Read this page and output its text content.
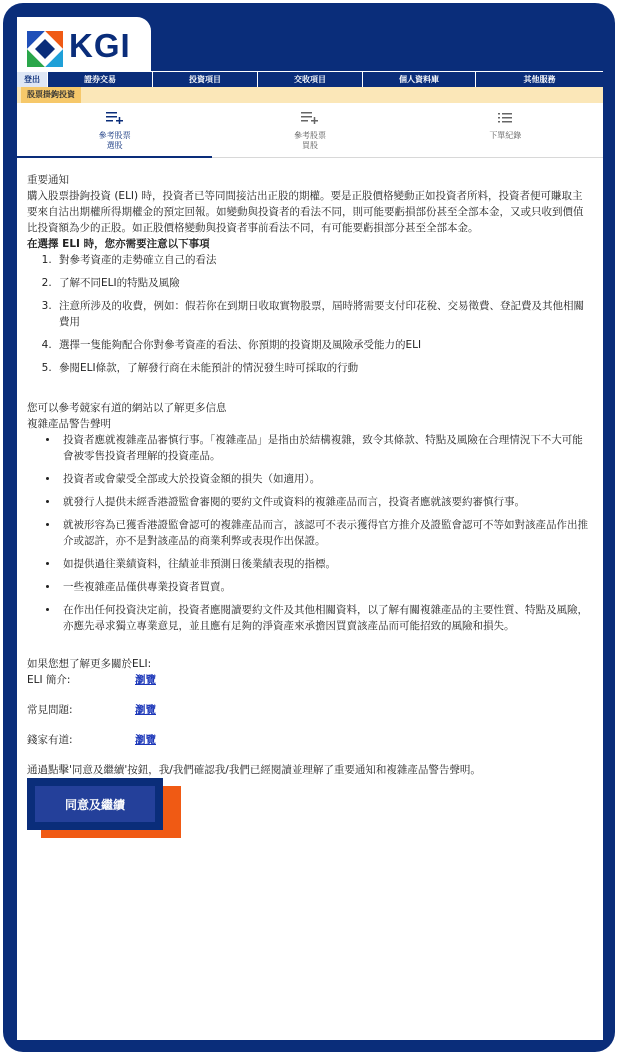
KGI
登出	證券交易	投資項目	交收項目	個人資料庫	其他服務
股票掛鉤投資
參考股票
選股
參考股票
買股
下單紀錄

重要通知

購入股票掛鉤投資 (ELI) 時，投資者已等同間接沽出正股的期權。要是正股價格變動正如投資者所料，投資者便可賺取主要來自沽出期權所得期權金的預定回報。如變動與投資者的看法不同，則可能要虧損部份甚至全部本金，又或只收到價值比投資額為少的正股。如正股價格變動與投資者事前看法不同，有可能要虧損部分甚至全部本金。

在選擇 ELI 時，您亦需要注意以下事項

1. 對參考資產的走勢確立自己的看法
2. 了解不同ELI的特點及風險
3. 注意所涉及的收費，例如：假若你在到期日收取實物股票，屆時將需要支付印花稅、交易徵費、登記費及其他相關費用
4. 選擇一隻能夠配合你對參考資產的看法、你預期的投資期及風險承受能力的ELI
5. 參閱ELI條款，了解發行商在未能預計的情況發生時可採取的行動

您可以參考競家有道的網站以了解更多信息

複雜產品警告聲明

• 投資者應就複雜產品審慎行事。「複雜產品」是指由於結構複雜，致令其條款、特點及風險在合理情況下不大可能會被零售投資者理解的投資產品。
• 投資者或會蒙受全部或大於投資金額的損失（如適用）。
• 就發行人提供未經香港證監會審閱的要約文件或資料的複雜產品而言，投資者應就該要約審慎行事。
• 就被形容為已獲香港證監會認可的複雜產品而言，該認可不表示獲得官方推介及證監會認可不等如對該產品作出推介或認許，亦不是對該產品的商業利弊或表現作出保證。
• 如提供過往業績資料，往績並非預測日後業績表現的指標。
• 一些複雜產品僅供專業投資者買賣。
• 在作出任何投資決定前，投資者應閱讀要約文件及其他相關資料，以了解有關複雜產品的主要性質、特點及風險，亦應先尋求獨立專業意見，並且應有足夠的淨資產來承擔因買賣該產品而可能招致的風險和損失。

如果您想了解更多關於ELI:

ELI 簡介:	瀏覽
常見問題:	瀏覽
錢家有道:	瀏覽

通過點擊'同意及繼續'按鈕，我/我們確認我/我們已經閱讀並理解了重要通知和複雜產品警告聲明。

同意及繼續
